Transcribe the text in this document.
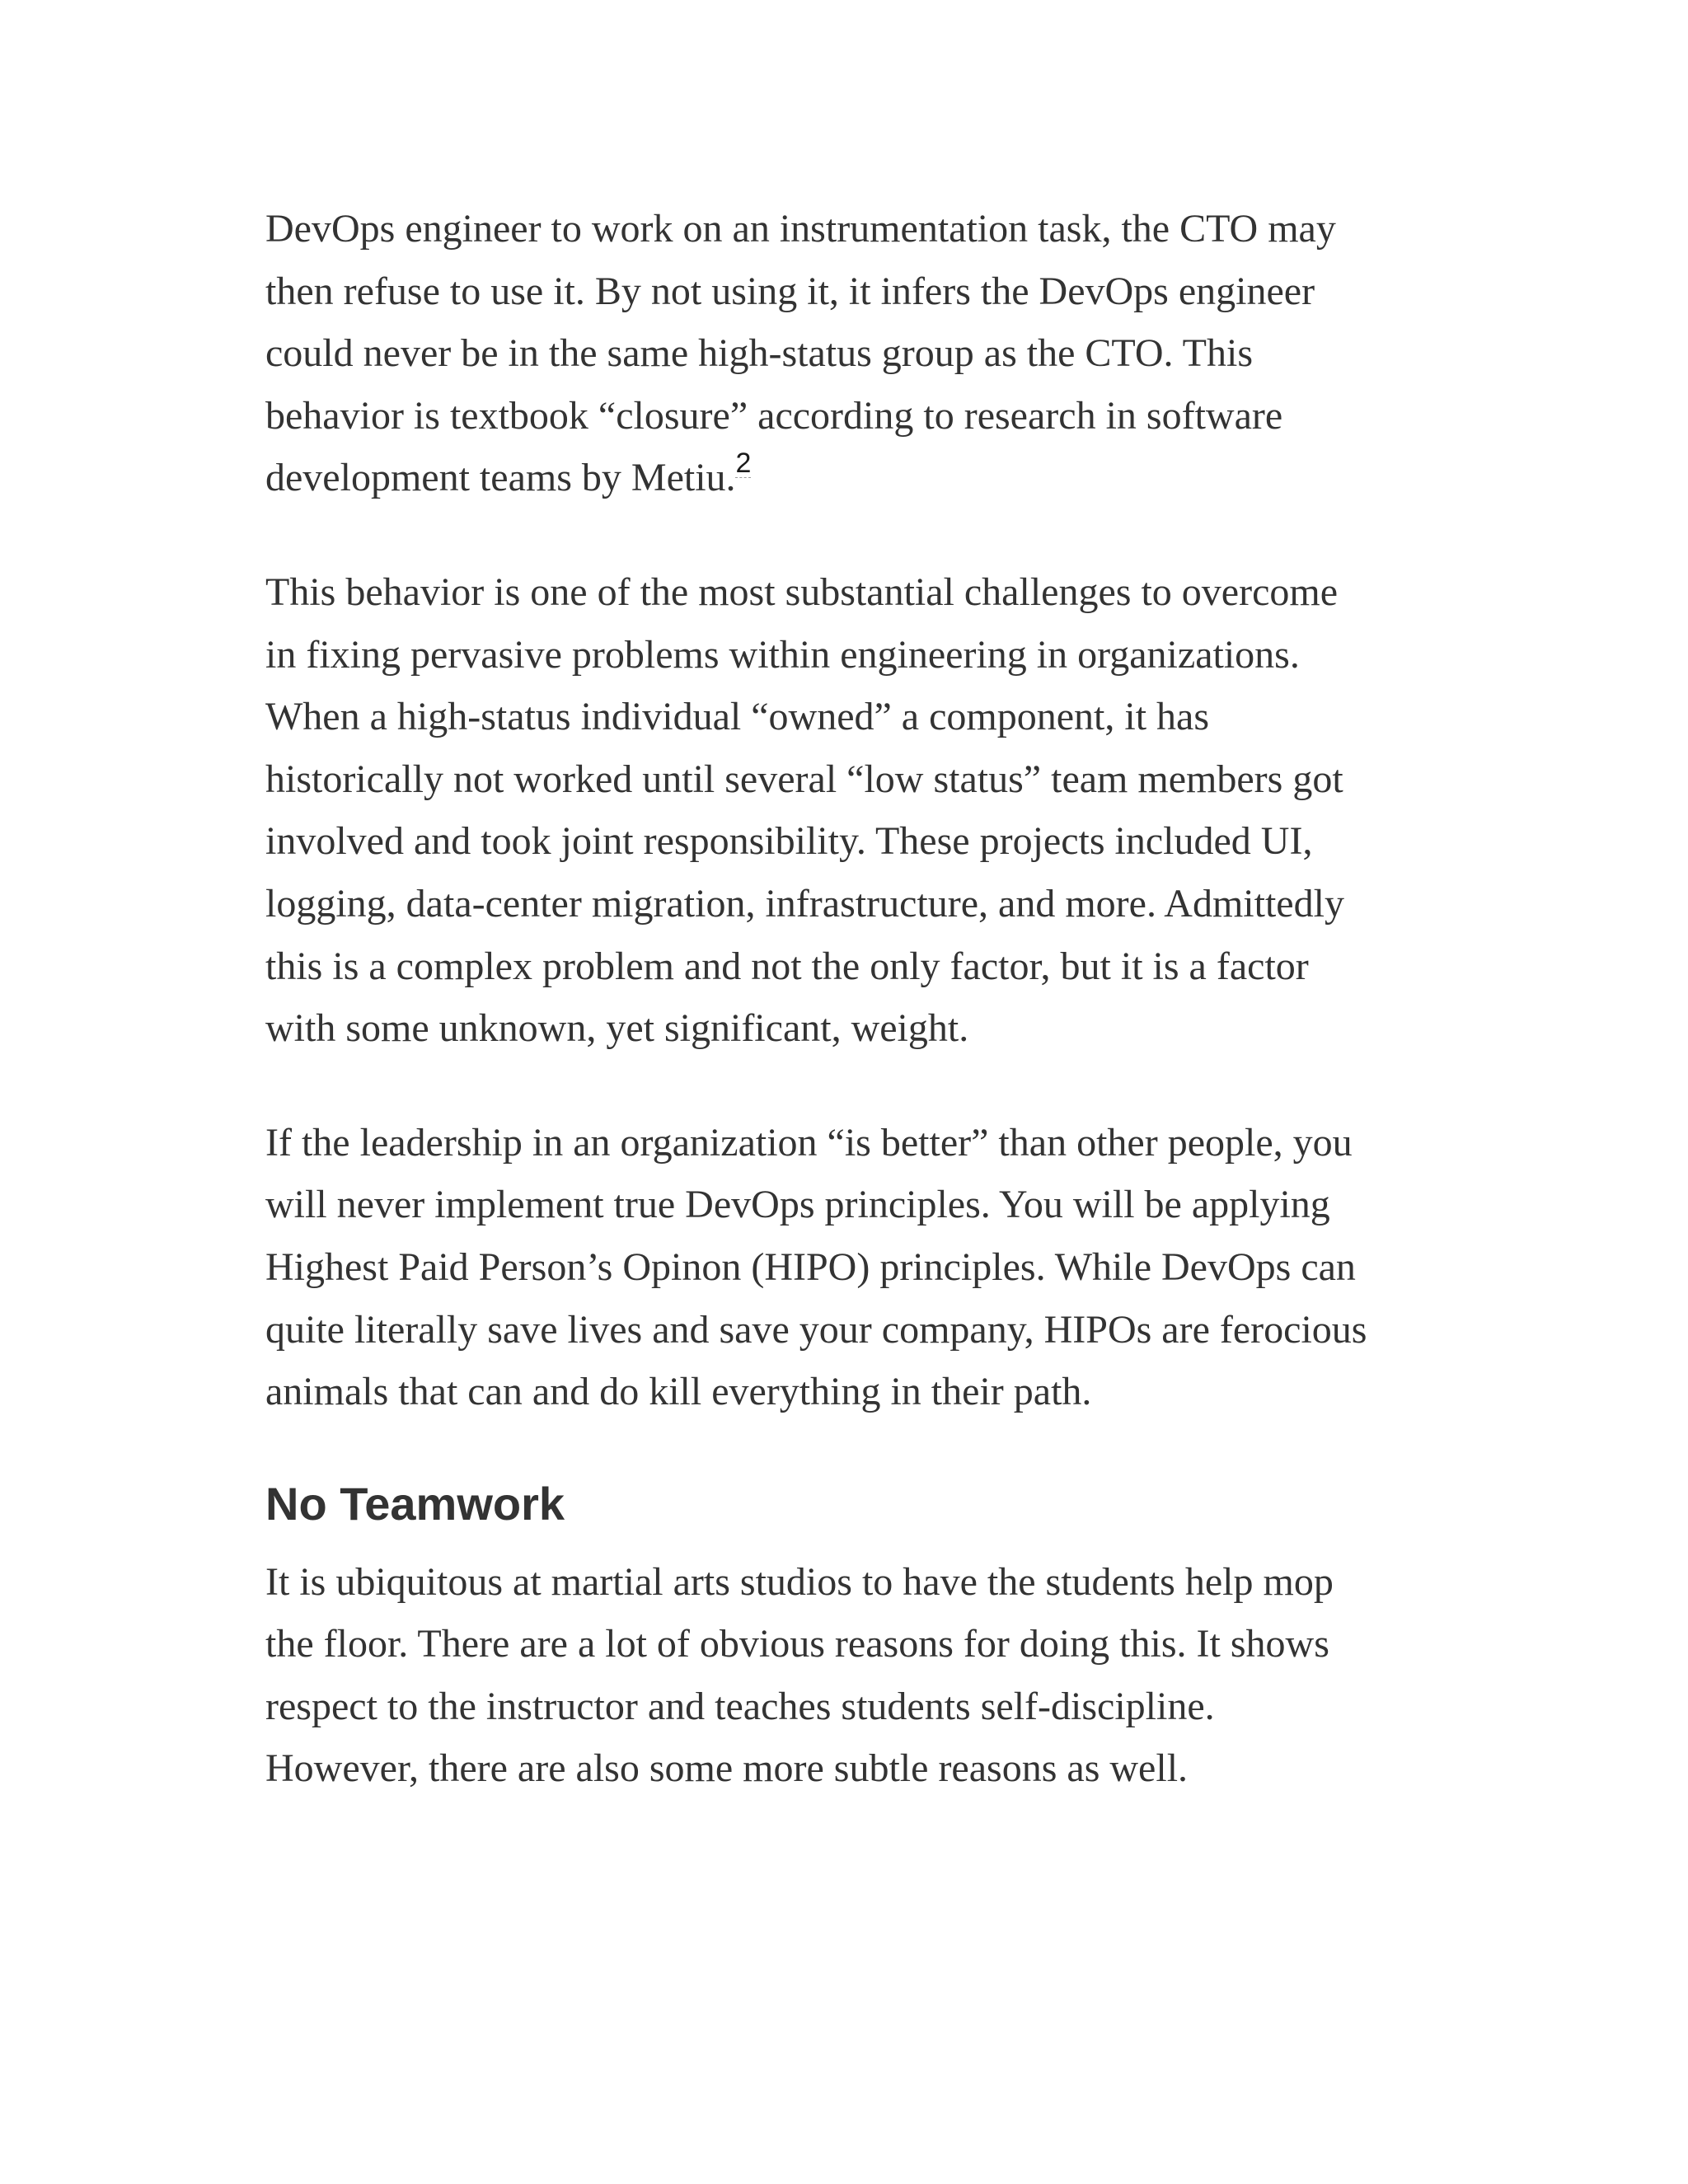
DevOps engineer to work on an instrumentation task, the CTO may
then refuse to use it. By not using it, it infers the DevOps engineer
could never be in the same high-status group as the CTO. This
behavior is textbook “closure” according to research in software
development teams by Metiu.$^2$

This behavior is one of the most substantial challenges to overcome
in fixing pervasive problems within engineering in organizations.
When a high-status individual “owned” a component, it has
historically not worked until several “low status” team members got
involved and took joint responsibility. These projects included UI,
logging, data-center migration, infrastructure, and more. Admittedly
this is a complex problem and not the only factor, but it is a factor
with some unknown, yet significant, weight.

If the leadership in an organization “is better” than other people, you
will never implement true DevOps principles. You will be applying
Highest Paid Person’s Opinon (HIPO) principles. While DevOps can
quite literally save lives and save your company, HIPOs are ferocious
animals that can and do kill everything in their path.

No Teamwork

It is ubiquitous at martial arts studios to have the students help mop
the floor. There are a lot of obvious reasons for doing this. It shows
respect to the instructor and teaches students self-discipline.
However, there are also some more subtle reasons as well.
